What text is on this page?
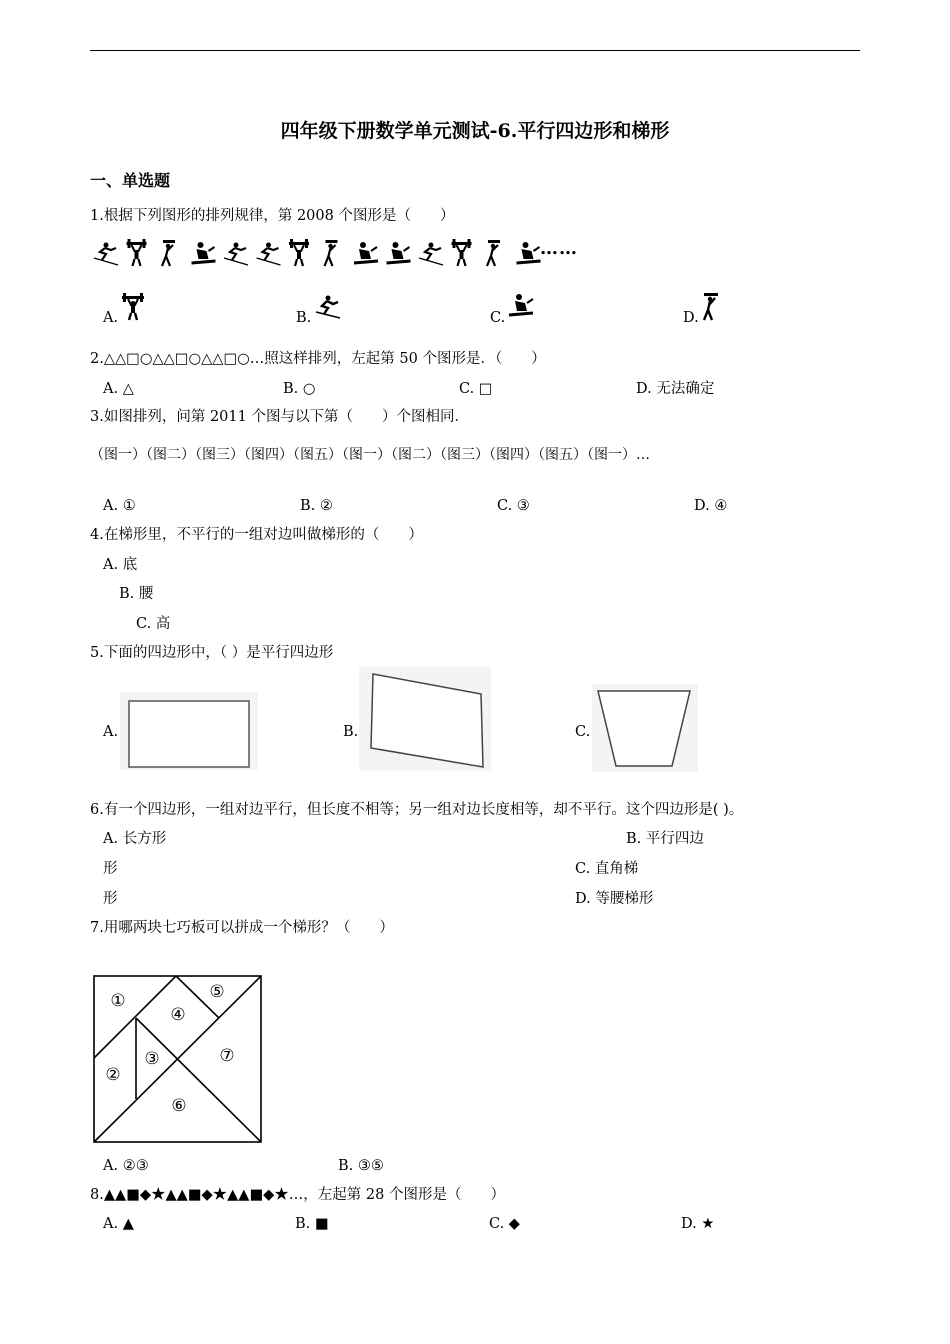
四年级下册数学单元测试-6.平行四边形和梯形
一、单选题
1.根据下列图形的排列规律，第 2008 个图形是（　　）
……
A.	B.	C.	D.
2.△△□○△△□○△△□○…照这样排列，左起第 50 个图形是．（　　）
A. △	B. ○	C. □	D. 无法确定
3.如图排列，问第 2011 个图与以下第（　　）个图相同．
（图一）（图二）（图三）（图四）（图五）（图一）（图二）（图三）（图四）（图五）（图一）…
A. ①	B. ②	C. ③	D. ④
4.在梯形里，不平行的一组对边叫做梯形的（　　）
A. 底
B. 腰
C. 高
5.下面的四边形中，（ ）是平行四边形
A.	B.	C.
6.有一个四边形，一组对边平行，但长度不相等；另一组对边长度相等，却不平行。这个四边形是( )。
A. 长方形	B. 平行四边
形	C. 直角梯
形	D. 等腰梯形
7.用哪两块七巧板可以拼成一个梯形？（　　）
①
②
③
④
⑤
⑥
⑦
A. ②③	B. ③⑤
8.▲▲■◆★▲▲■◆★▲▲■◆★…，左起第 28 个图形是（　　）
A. ▲	B. ■	C. ◆	D. ★
